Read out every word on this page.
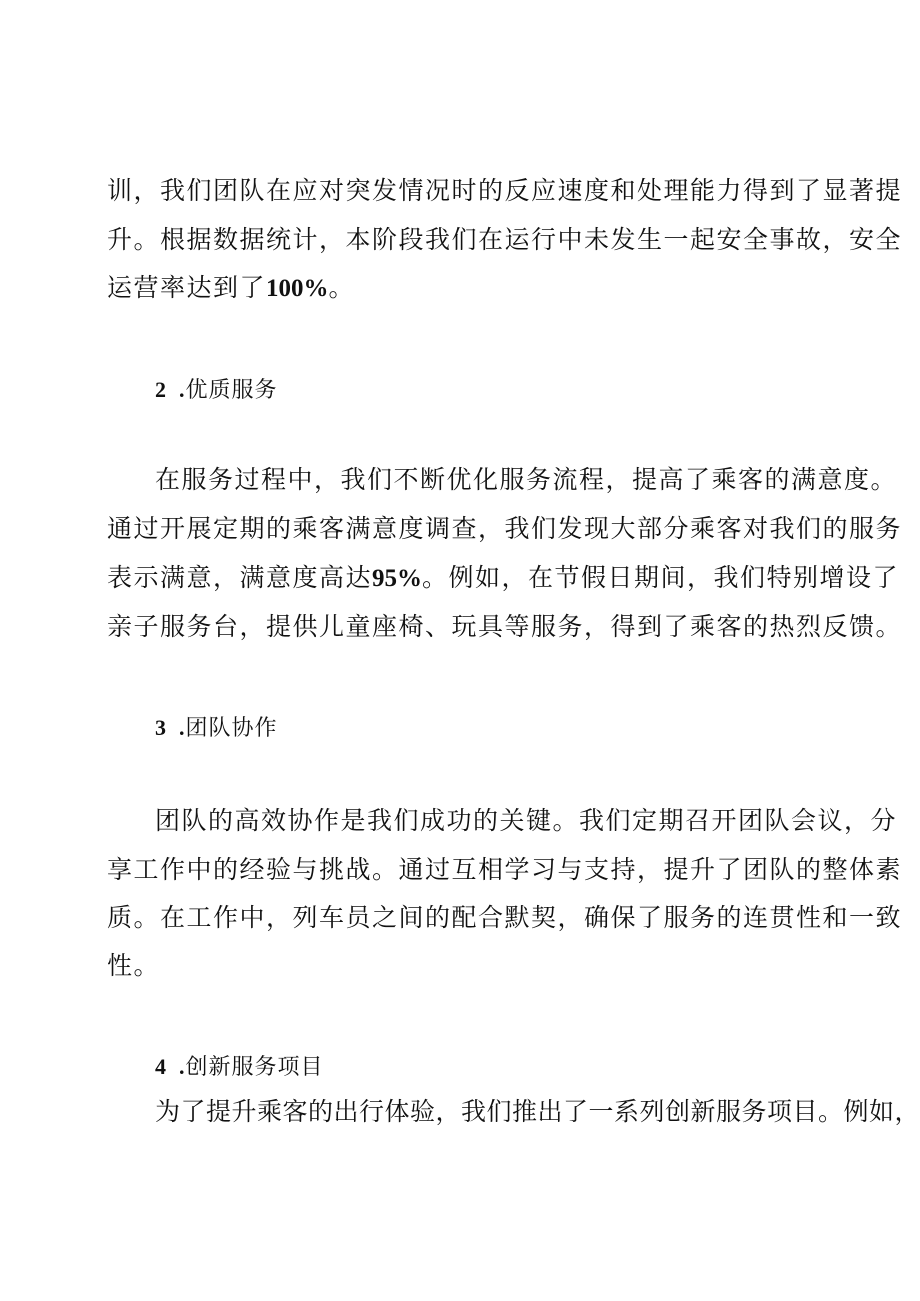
训，我们团队在应对突发情况时的反应速度和处理能力得到了显著提
升。根据数据统计，本阶段我们在运行中未发生一起安全事故，安全
运营率达到了100%。
2 .优质服务
在服务过程中，我们不断优化服务流程，提高了乘客的满意度。
通过开展定期的乘客满意度调查，我们发现大部分乘客对我们的服务
表示满意，满意度高达95%。例如，在节假日期间，我们特别增设了
亲子服务台，提供儿童座椅、玩具等服务，得到了乘客的热烈反馈。
3 .团队协作
团队的高效协作是我们成功的关键。我们定期召开团队会议，分
享工作中的经验与挑战。通过互相学习与支持，提升了团队的整体素
质。在工作中，列车员之间的配合默契，确保了服务的连贯性和一致
性。
4 .创新服务项目
为了提升乘客的出行体验，我们推出了一系列创新服务项目。例如，
